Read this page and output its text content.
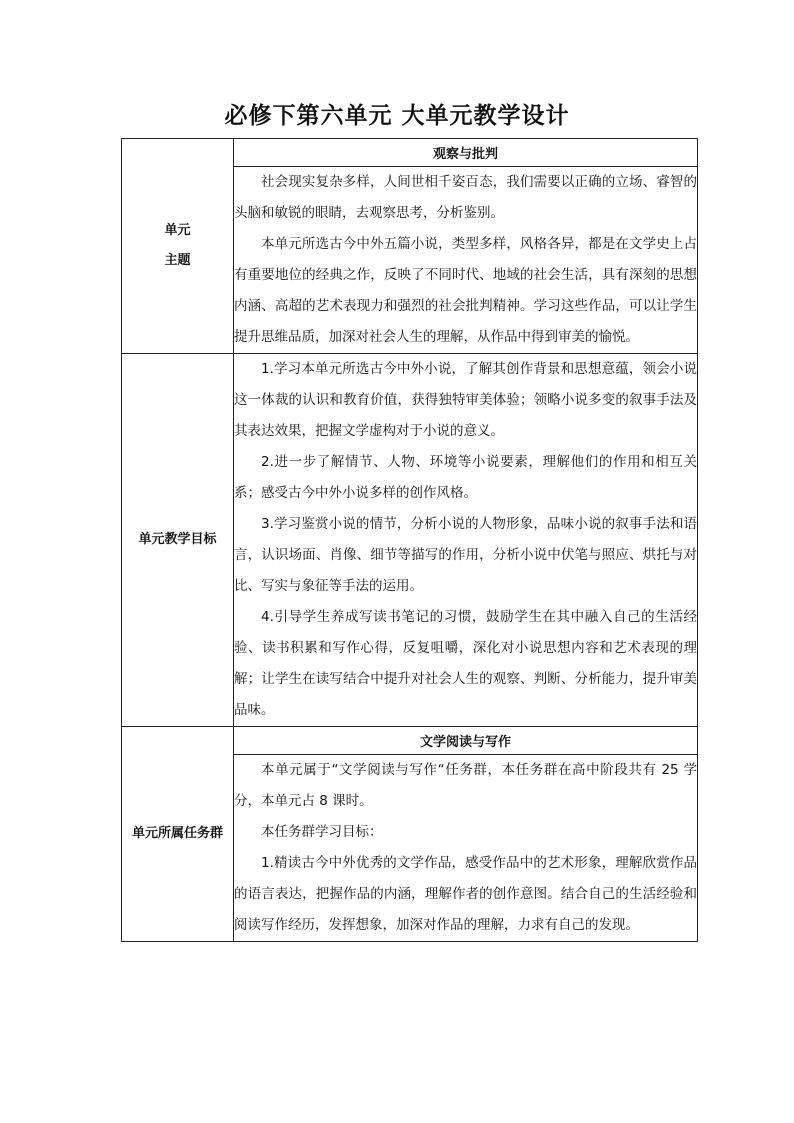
必修下第六单元 大单元教学设计
单元
主题	观察与批判

	社会现实复杂多样，人间世相千姿百态，我们需要以正确的立场、睿智的头脑和敏锐的眼睛，去观察思考，分析鉴别。

本单元所选古今中外五篇小说，类型多样，风格各异，都是在文学史上占有重要地位的经典之作，反映了不同时代、地域的社会生活，具有深刻的思想内涵、高超的艺术表现力和强烈的社会批判精神。学习这些作品，可以让学生提升思维品质，加深对社会人生的理解，从作品中得到审美的愉悦。

单元教学目标	1.学习本单元所选古今中外小说，了解其创作背景和思想意蕴，领会小说这一体裁的认识和教育价值，获得独特审美体验；领略小说多变的叙事手法及其表达效果，把握文学虚构对于小说的意义。

2.进一步了解情节、人物、环境等小说要素，理解他们的作用和相互关系；感受古今中外小说多样的创作风格。

3.学习鉴赏小说的情节，分析小说的人物形象，品味小说的叙事手法和语言，认识场面、肖像、细节等描写的作用，分析小说中伏笔与照应、烘托与对比、写实与象征等手法的运用。

4.引导学生养成写读书笔记的习惯，鼓励学生在其中融入自己的生活经验、读书积累和写作心得，反复咀嚼，深化对小说思想内容和艺术表现的理解；让学生在读写结合中提升对社会人生的观察、判断、分析能力，提升审美品味。

单元所属任务群	文学阅读与写作

	本单元属于“文学阅读与写作“任务群，本任务群在高中阶段共有 25 学分，本单元占 8 课时。

本任务群学习目标：

1.精读古今中外优秀的文学作品，感受作品中的艺术形象，理解欣赏作品的语言表达，把握作品的内涵，理解作者的创作意图。结合自己的生活经验和阅读写作经历，发挥想象，加深对作品的理解，力求有自己的发现。
